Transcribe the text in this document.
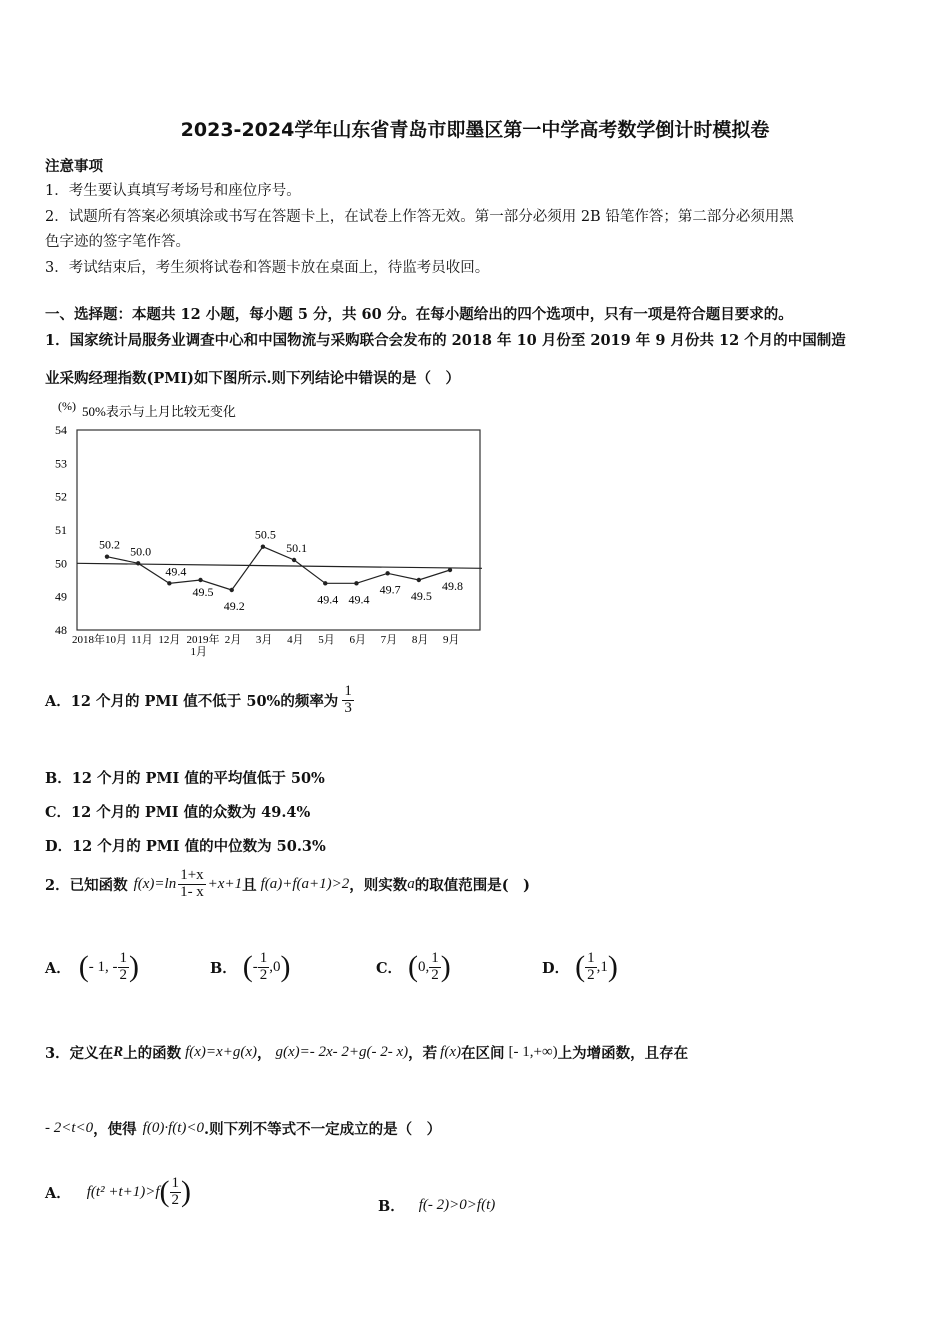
2023-2024学年山东省青岛市即墨区第一中学高考数学倒计时模拟卷
注意事项
1．考生要认真填写考场号和座位序号。
2．试题所有答案必须填涂或书写在答题卡上，在试卷上作答无效。第一部分必须用 2B 铅笔作答；第二部分必须用黑
色字迹的签字笔作答。
3．考试结束后，考生须将试卷和答题卡放在桌面上，待监考员收回。
一、选择题：本题共 12 小题，每小题 5 分，共 60 分。在每小题给出的四个选项中，只有一项是符合题目要求的。
1．国家统计局服务业调查中心和中国物流与采购联合会发布的 2018 年 10 月份至 2019 年 9 月份共 12 个月的中国制造
业采购经理指数(PMI)如下图所示.则下列结论中错误的是（　）
(%) 50%表示与上月比较无变化
54
53
52
51
50
49
48
50.2 50.0
49.4
49.5
49.2
50.5
50.1
49.4 49.4
49.7 49.5
49.8
2018年10月 11月 12月 2019年
1月
2月 3月 4月 5月 6月 7月 8月 9月
A．12 个月的 PMI 值不低于 50%的频率为 $\frac{1}{3}$
B．12 个月的 PMI 值的平均值低于 50%
C．12 个月的 PMI 值的众数为 49.4%
D．12 个月的 PMI 值的中位数为 50.3%
2．已知函数 $f(x)=\ln \frac{1+x}{1- x} +x+1$ 且 f(a)+f(a+1)>2 ，则实数 a 的取值范围是(　)
A． ( - 1, - $\frac{1}{2}$ )	B． ( - $\frac{1}{2} ,0$ )	C． ( 0, $\frac{1}{2}$ )	D． ( $\frac{1}{2} ,1$ )
3．定义在 R 上的函数 f(x)=x+g(x) ， g(x)=- 2x- 2+g(- 2- x) ，若 f(x) 在区间 [- 1,+∞) 上为增函数，且存在
- 2<t<0 ，使得 f(0)·f(t)<0 .则下列不等式不一定成立的是（　）
A． f(t² +t+1)>f ( $\frac{1}{2}$ )	B． f(- 2)>0>f(t)
